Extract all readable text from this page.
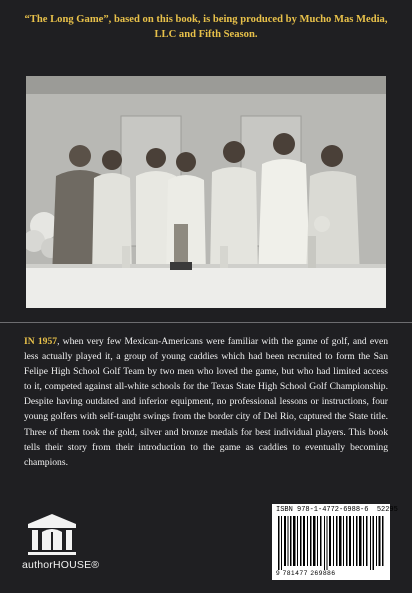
“The Long Game”, based on this book, is being produced by Mucho Mas Media, LLC and Fifth Season.
IN 1957, when very few Mexican-Americans were familiar with the game of golf, and even less actually played it, a group of young caddies which had been recruited to form the San Felipe High School Golf Team by two men who loved the game, but who had limited access to it, competed against all-white schools for the Texas State High School Golf Championship. Despite having outdated and inferior equipment, no professional lessons or instructions, four young golfers with self-taught swings from the border city of Del Rio, captured the State title. Three of them took the gold, silver and bronze medals for best individual players. This book tells their story from their introduction to the game as caddies to eventually becoming champions.
authorHOUSE®
ISBN 978-1-4772-6988-6 52295
9 781477 269886
